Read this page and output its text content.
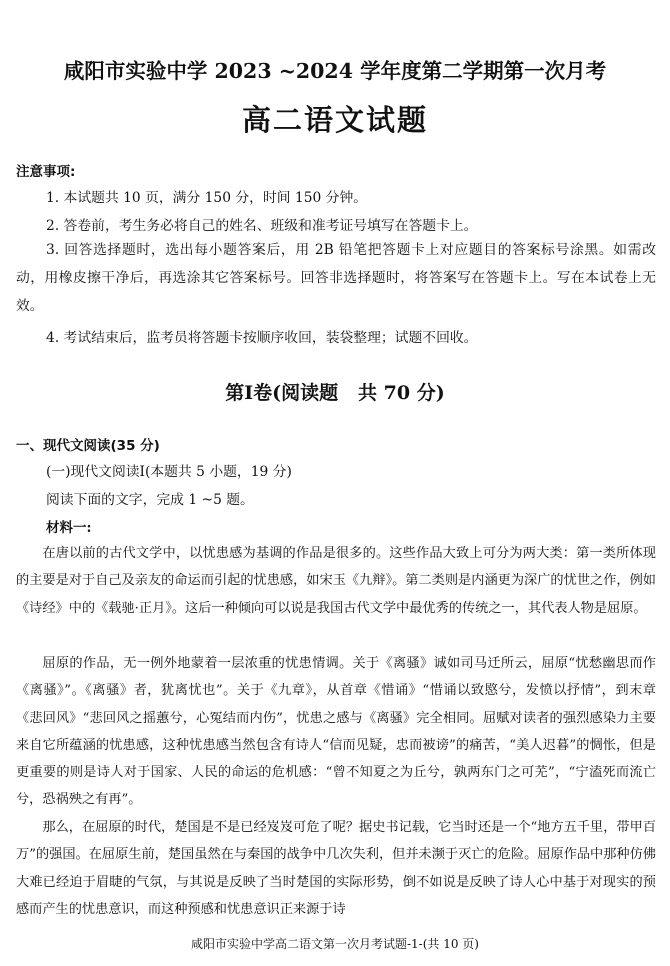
咸阳市实验中学 2023 ~2024 学年度第二学期第一次月考
高二语文试题
注意事项:
1. 本试题共 10 页，满分 150 分，时间 150 分钟。
2. 答卷前，考生务必将自己的姓名、班级和准考证号填写在答题卡上。
3. 回答选择题时，选出每小题答案后，用 2B 铅笔把答题卡上对应题目的答案标号涂黑。如需改动，用橡皮擦干净后，再选涂其它答案标号。回答非选择题时，将答案写在答题卡上。写在本试卷上无效。
4. 考试结束后，监考员将答题卡按顺序收回，装袋整理；试题不回收。
第Ⅰ卷(阅读题   共 70 分)
一、现代文阅读(35 分)
(一)现代文阅读Ⅰ(本题共 5 小题，19 分)
阅读下面的文字，完成 1 ~5 题。
材料一:
在唐以前的古代文学中，以忧患感为基调的作品是很多的。这些作品大致上可分为两大类：第一类所体现的主要是对于自己及亲友的命运而引起的忧患感，如宋玉《九辩》。第二类则是内涵更为深广的忧世之作，例如《诗经》中的《载驰·正月》。这后一种倾向可以说是我国古代文学中最优秀的传统之一，其代表人物是屈原。
屈原的作品，无一例外地蒙着一层浓重的忧患情调。关于《离骚》诚如司马迁所云，屈原“忧愁幽思而作《离骚》”。《离骚》者，犹离忧也”。关于《九章》，从首章《惜诵》“惜诵以致愍兮，发愤以抒情”，到末章《悲回风》“悲回风之摇蕙兮，心冤结而内伤”，忧患之感与《离骚》完全相同。屈赋对读者的强烈感染力主要来自它所蕴涵的忧患感，这种忧患感当然包含有诗人“信而见疑，忠而被谤”的痛苦，“美人迟暮”的惆怅，但是更重要的则是诗人对于国家、人民的命运的危机感：“曾不知夏之为丘兮，孰两东门之可芜”，“宁溘死而流亡兮，恐祸殃之有再”。
那么，在屈原的时代，楚国是不是已经岌岌可危了呢？据史书记载，它当时还是一个“地方五千里，带甲百万”的强国。在屈原生前，楚国虽然在与秦国的战争中几次失利，但并未濒于灭亡的危险。屈原作品中那种仿佛大难已经迫于眉睫的气氛，与其说是反映了当时楚国的实际形势，倒不如说是反映了诗人心中基于对现实的预感而产生的忧患意识，而这种预感和忧患意识正来源于诗
咸阳市实验中学高二语文第一次月考试题-1-(共 10 页)
